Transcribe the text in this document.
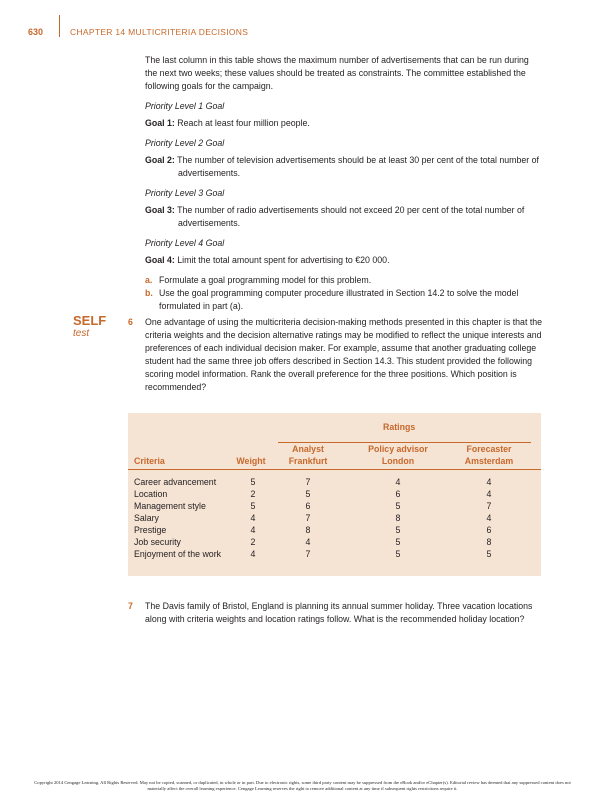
630	CHAPTER 14 MULTICRITERIA DECISIONS

The last column in this table shows the maximum number of advertisements that can be run during the next two weeks; these values should be treated as constraints. The committee established the following goals for the campaign.

Priority Level 1 Goal

Goal 1: Reach at least four million people.

Priority Level 2 Goal

Goal 2: The number of television advertisements should be at least 30 per cent of the total number of advertisements.

Priority Level 3 Goal

Goal 3: The number of radio advertisements should not exceed 20 per cent of the total number of advertisements.

Priority Level 4 Goal

Goal 4: Limit the total amount spent for advertising to €20 000.

a. Formulate a goal programming model for this problem.

b. Use the goal programming computer procedure illustrated in Section 14.2 to solve the model formulated in part (a).

SELF
test
6 One advantage of using the multicriteria decision-making methods presented in this chapter is that the criteria weights and the decision alternative ratings may be modified to reflect the unique interests and preferences of each individual decision maker. For example, assume that another graduating college student had the same three job offers described in Section 14.3. This student provided the following scoring model information. Rank the overall preference for the three positions. Which position is recommended?

Ratings
Criteria	Weight
Analyst
Frankfurt
Policy advisor
London
Forecaster
Amsterdam
Career advancement	5	7	4	4
Location	2	5	6	4
Management style	5	6	5	7
Salary	4	7	8	4
Prestige	4	8	5	6
Job security	2	4	5	8
Enjoyment of the work	4	7	5	5
7 The Davis family of Bristol, England is planning its annual summer holiday. Three vacation locations along with criteria weights and location ratings follow. What is the recommended holiday location?

Copyright 2014 Cengage Learning. All Rights Reserved. May not be copied, scanned, or duplicated, in whole or in part. Due to electronic rights, some third party content may be suppressed from the eBook and/or eChapter(s). Editorial review has deemed that any suppressed content does not materially affect the overall learning experience. Cengage Learning reserves the right to remove additional content at any time if subsequent rights restrictions require it.
